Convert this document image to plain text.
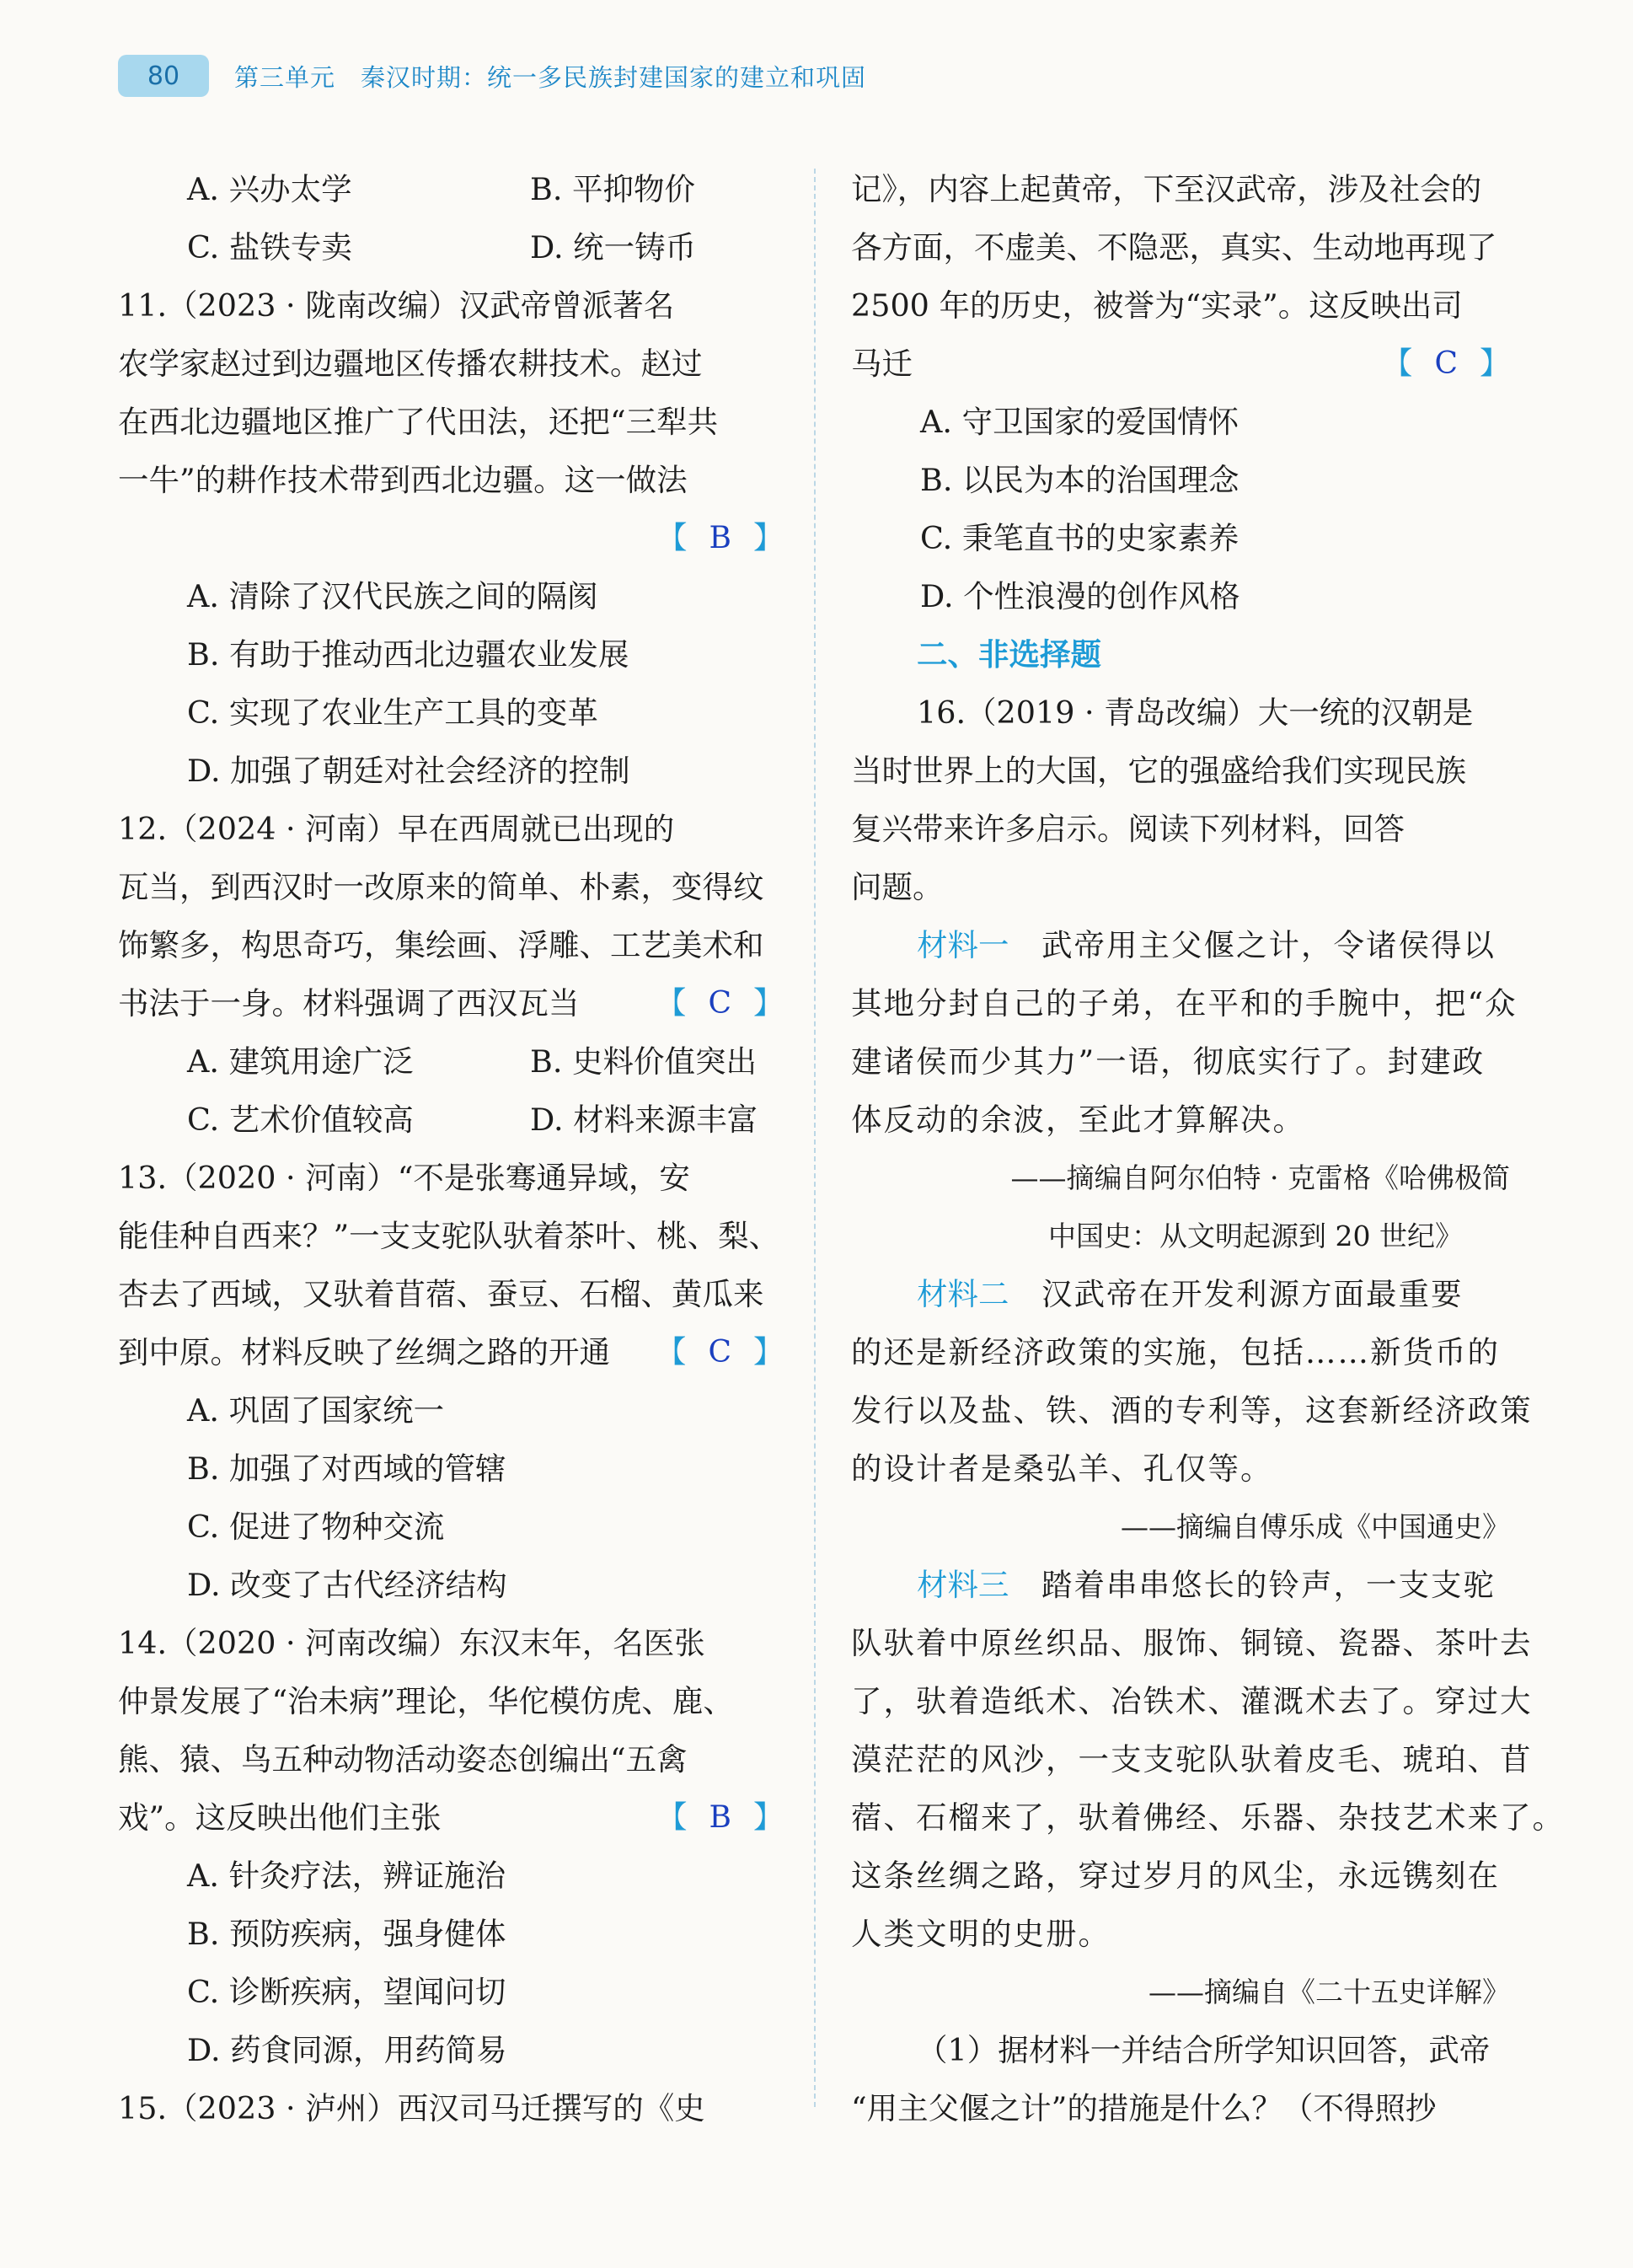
80	第三单元　秦汉时期：统一多民族封建国家的建立和巩固
A. 兴办太学	B. 平抑物价
C. 盐铁专卖	D. 统一铸币
11.（2023 · 陇南改编）汉武帝曾派著名
农学家赵过到边疆地区传播农耕技术。赵过
在西北边疆地区推广了代田法，还把“三犁共
一牛”的耕作技术带到西北边疆。这一做法
【 B 】
A. 清除了汉代民族之间的隔阂
B. 有助于推动西北边疆农业发展
C. 实现了农业生产工具的变革
D. 加强了朝廷对社会经济的控制
12.（2024 · 河南）早在西周就已出现的
瓦当，到西汉时一改原来的简单、朴素，变得纹
饰繁多，构思奇巧，集绘画、浮雕、工艺美术和
书法于一身。材料强调了西汉瓦当	【 C 】
A. 建筑用途广泛	B. 史料价值突出
C. 艺术价值较高	D. 材料来源丰富
13.（2020 · 河南）“不是张骞通异域，安
能佳种自西来？”一支支驼队驮着茶叶、桃、梨、
杏去了西域，又驮着苜蓿、蚕豆、石榴、黄瓜来
到中原。材料反映了丝绸之路的开通 【 C 】
A. 巩固了国家统一
B. 加强了对西域的管辖
C. 促进了物种交流
D. 改变了古代经济结构
14.（2020 · 河南改编）东汉末年，名医张
仲景发展了“治未病”理论，华佗模仿虎、鹿、
熊、猿、鸟五种动物活动姿态创编出“五禽
戏”。这反映出他们主张	【 B 】
A. 针灸疗法，辨证施治
B. 预防疾病，强身健体
C. 诊断疾病，望闻问切
D. 药食同源，用药简易
15.（2023 · 泸州）西汉司马迁撰写的《史
记》，内容上起黄帝，下至汉武帝，涉及社会的
各方面，不虚美、不隐恶，真实、生动地再现了
2500 年的历史，被誉为“实录”。这反映出司
马迁	【 C 】
A. 守卫国家的爱国情怀
B. 以民为本的治国理念
C. 秉笔直书的史家素养
D. 个性浪漫的创作风格
二、非选择题
16.（2019 · 青岛改编）大一统的汉朝是
当时世界上的大国，它的强盛给我们实现民族
复兴带来许多启示。阅读下列材料，回答
问题。
材料一　武帝用主父偃之计，令诸侯得以
其地分封自己的子弟，在平和的手腕中，把“众
建诸侯而少其力”一语，彻底实行了。封建政
体反动的余波，至此才算解决。
——摘编自阿尔伯特 · 克雷格《哈佛极简
中国史：从文明起源到 20 世纪》
材料二　汉武帝在开发利源方面最重要
的还是新经济政策的实施，包括……新货币的
发行以及盐、铁、酒的专利等，这套新经济政策
的设计者是桑弘羊、孔仅等。
——摘编自傅乐成《中国通史》
材料三　踏着串串悠长的铃声，一支支驼
队驮着中原丝织品、服饰、铜镜、瓷器、茶叶去
了，驮着造纸术、冶铁术、灌溉术去了。穿过大
漠茫茫的风沙，一支支驼队驮着皮毛、琥珀、苜
蓿、石榴来了，驮着佛经、乐器、杂技艺术来了。
这条丝绸之路，穿过岁月的风尘，永远镌刻在
人类文明的史册。
——摘编自《二十五史详解》
（1）据材料一并结合所学知识回答，武帝
“用主父偃之计”的措施是什么？（不得照抄
